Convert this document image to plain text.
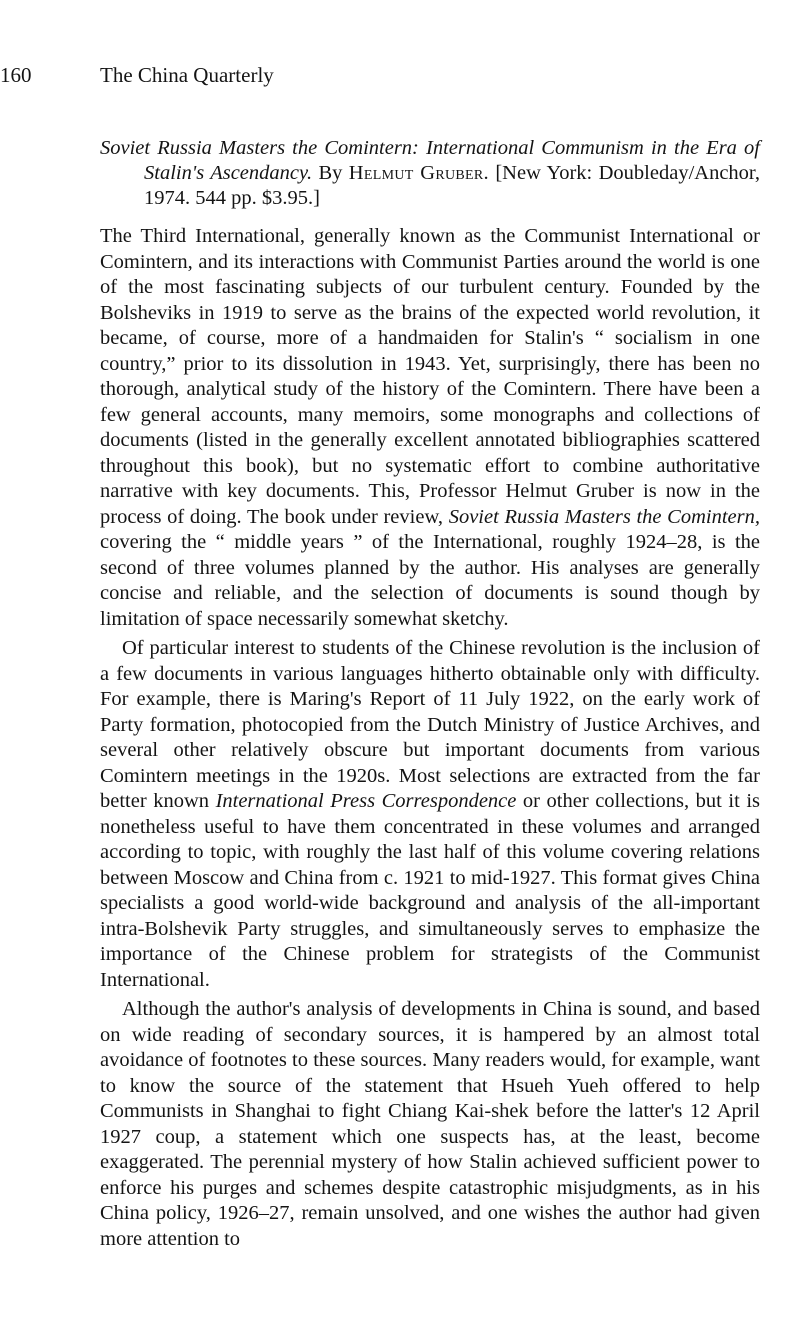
160	The China Quarterly
Soviet Russia Masters the Comintern: International Communism in the Era of Stalin's Ascendancy. By Helmut Gruber. [New York: Doubleday/Anchor, 1974. 544 pp. $3.95.]

The Third International, generally known as the Communist International or Comintern, and its interactions with Communist Parties around the world is one of the most fascinating subjects of our turbulent century. Founded by the Bolsheviks in 1919 to serve as the brains of the expected world revolution, it became, of course, more of a handmaiden for Stalin's “ socialism in one country,” prior to its dissolution in 1943. Yet, surprisingly, there has been no thorough, analytical study of the history of the Comintern. There have been a few general accounts, many memoirs, some monographs and collections of documents (listed in the generally excellent annotated bibliographies scattered throughout this book), but no systematic effort to combine authoritative narrative with key documents. This, Professor Helmut Gruber is now in the process of doing. The book under review, Soviet Russia Masters the Comintern, covering the “ middle years ” of the International, roughly 1924–28, is the second of three volumes planned by the author. His analyses are generally concise and reliable, and the selection of documents is sound though by limitation of space necessarily somewhat sketchy.

Of particular interest to students of the Chinese revolution is the inclusion of a few documents in various languages hitherto obtainable only with difficulty. For example, there is Maring's Report of 11 July 1922, on the early work of Party formation, photocopied from the Dutch Ministry of Justice Archives, and several other relatively obscure but important documents from various Comintern meetings in the 1920s. Most selections are extracted from the far better known International Press Correspondence or other collections, but it is nonetheless useful to have them concentrated in these volumes and arranged according to topic, with roughly the last half of this volume covering relations between Moscow and China from c. 1921 to mid-1927. This format gives China specialists a good world-wide background and analysis of the all-important intra-Bolshevik Party struggles, and simultaneously serves to emphasize the importance of the Chinese problem for strategists of the Communist International.

Although the author's analysis of developments in China is sound, and based on wide reading of secondary sources, it is hampered by an almost total avoidance of footnotes to these sources. Many readers would, for example, want to know the source of the statement that Hsueh Yueh offered to help Communists in Shanghai to fight Chiang Kai-shek before the latter's 12 April 1927 coup, a statement which one suspects has, at the least, become exaggerated. The perennial mystery of how Stalin achieved sufficient power to enforce his purges and schemes despite catastrophic misjudgments, as in his China policy, 1926–27, remain unsolved, and one wishes the author had given more attention to
